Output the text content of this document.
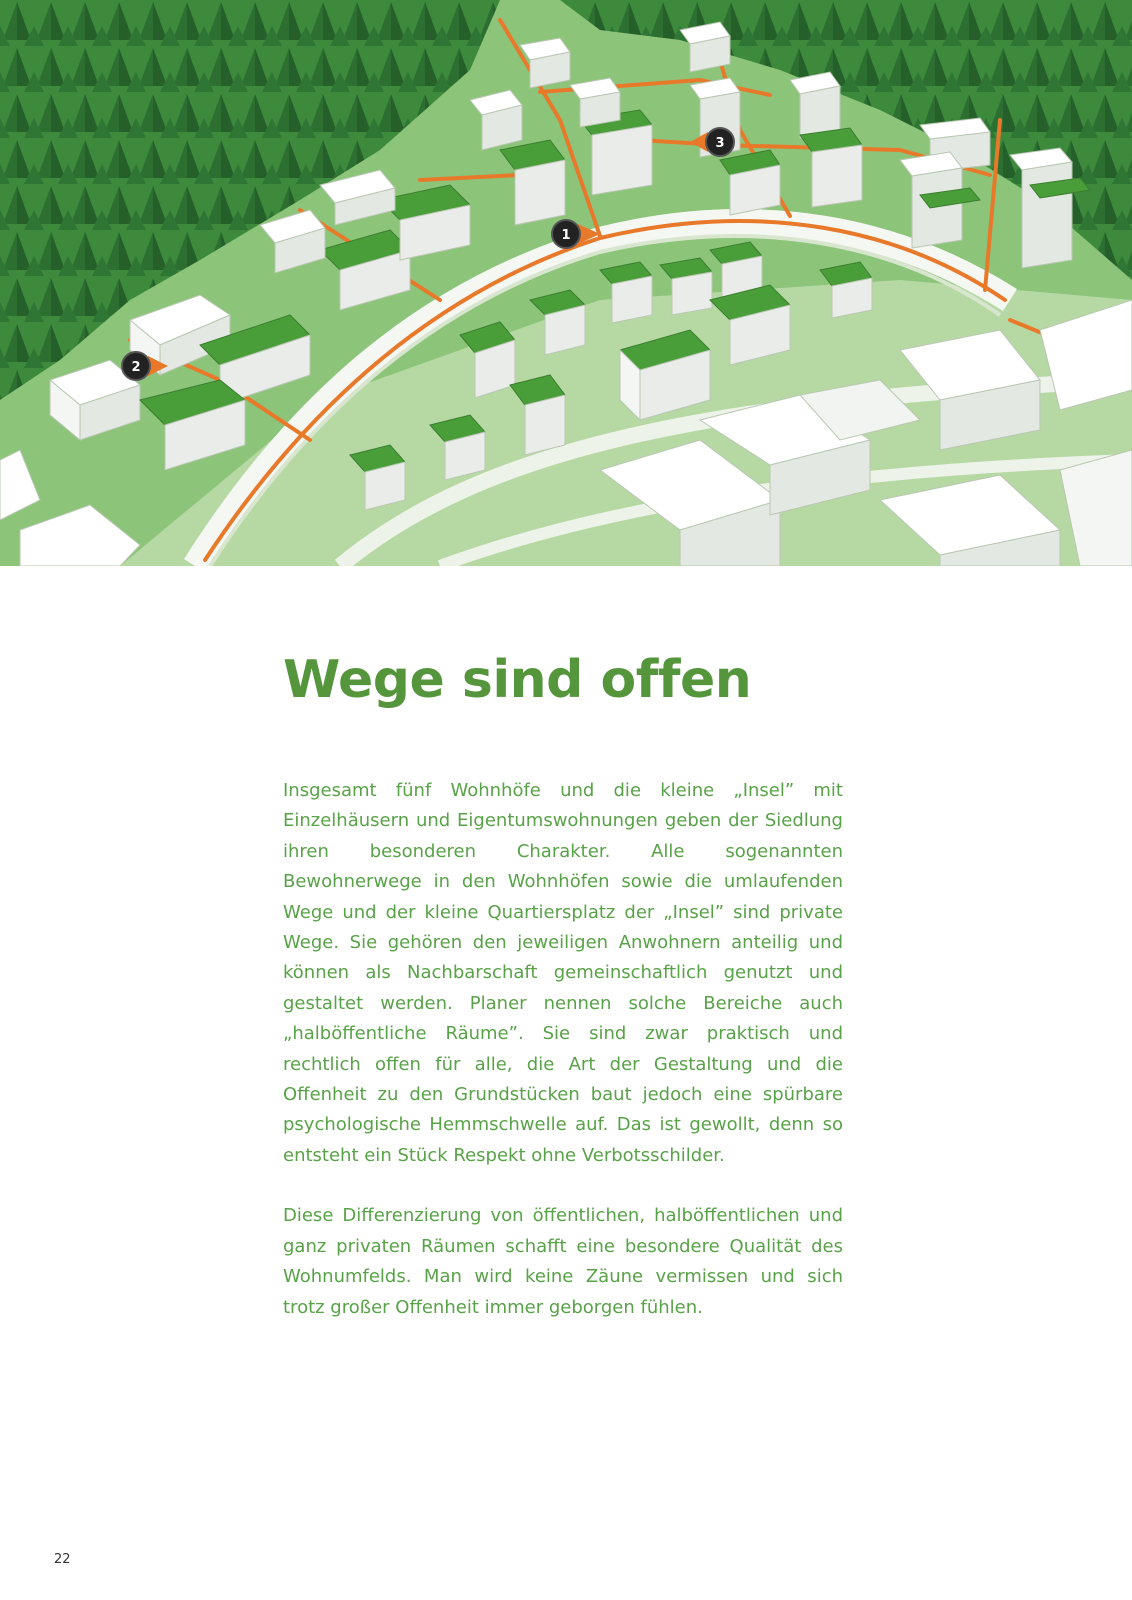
1
2
3
Wege sind offen

Insgesamt fünf Wohnhöfe und die kleine „Insel” mit Einzelhäusern und Eigentumswohnungen geben der Siedlung ihren besonderen Charakter. Alle sogenannten Bewohnerwege in den Wohnhöfen sowie die umlaufenden Wege und der kleine Quartiersplatz der „Insel” sind private Wege. Sie gehören den jeweiligen Anwohnern anteilig und können als Nachbarschaft gemeinschaftlich genutzt und gestaltet werden. Planer nennen solche Bereiche auch „halböffentliche Räume”. Sie sind zwar praktisch und rechtlich offen für alle, die Art der Gestaltung und die Offenheit zu den Grundstücken baut jedoch eine spürbare psychologische Hemmschwelle auf. Das ist gewollt, denn so entsteht ein Stück Respekt ohne Verbotsschilder.

Diese Differenzierung von öffentlichen, halböffentlichen und ganz privaten Räumen schafft eine besondere Qualität des Wohnumfelds. Man wird keine Zäune vermissen und sich trotz großer Offenheit immer geborgen fühlen.

22
